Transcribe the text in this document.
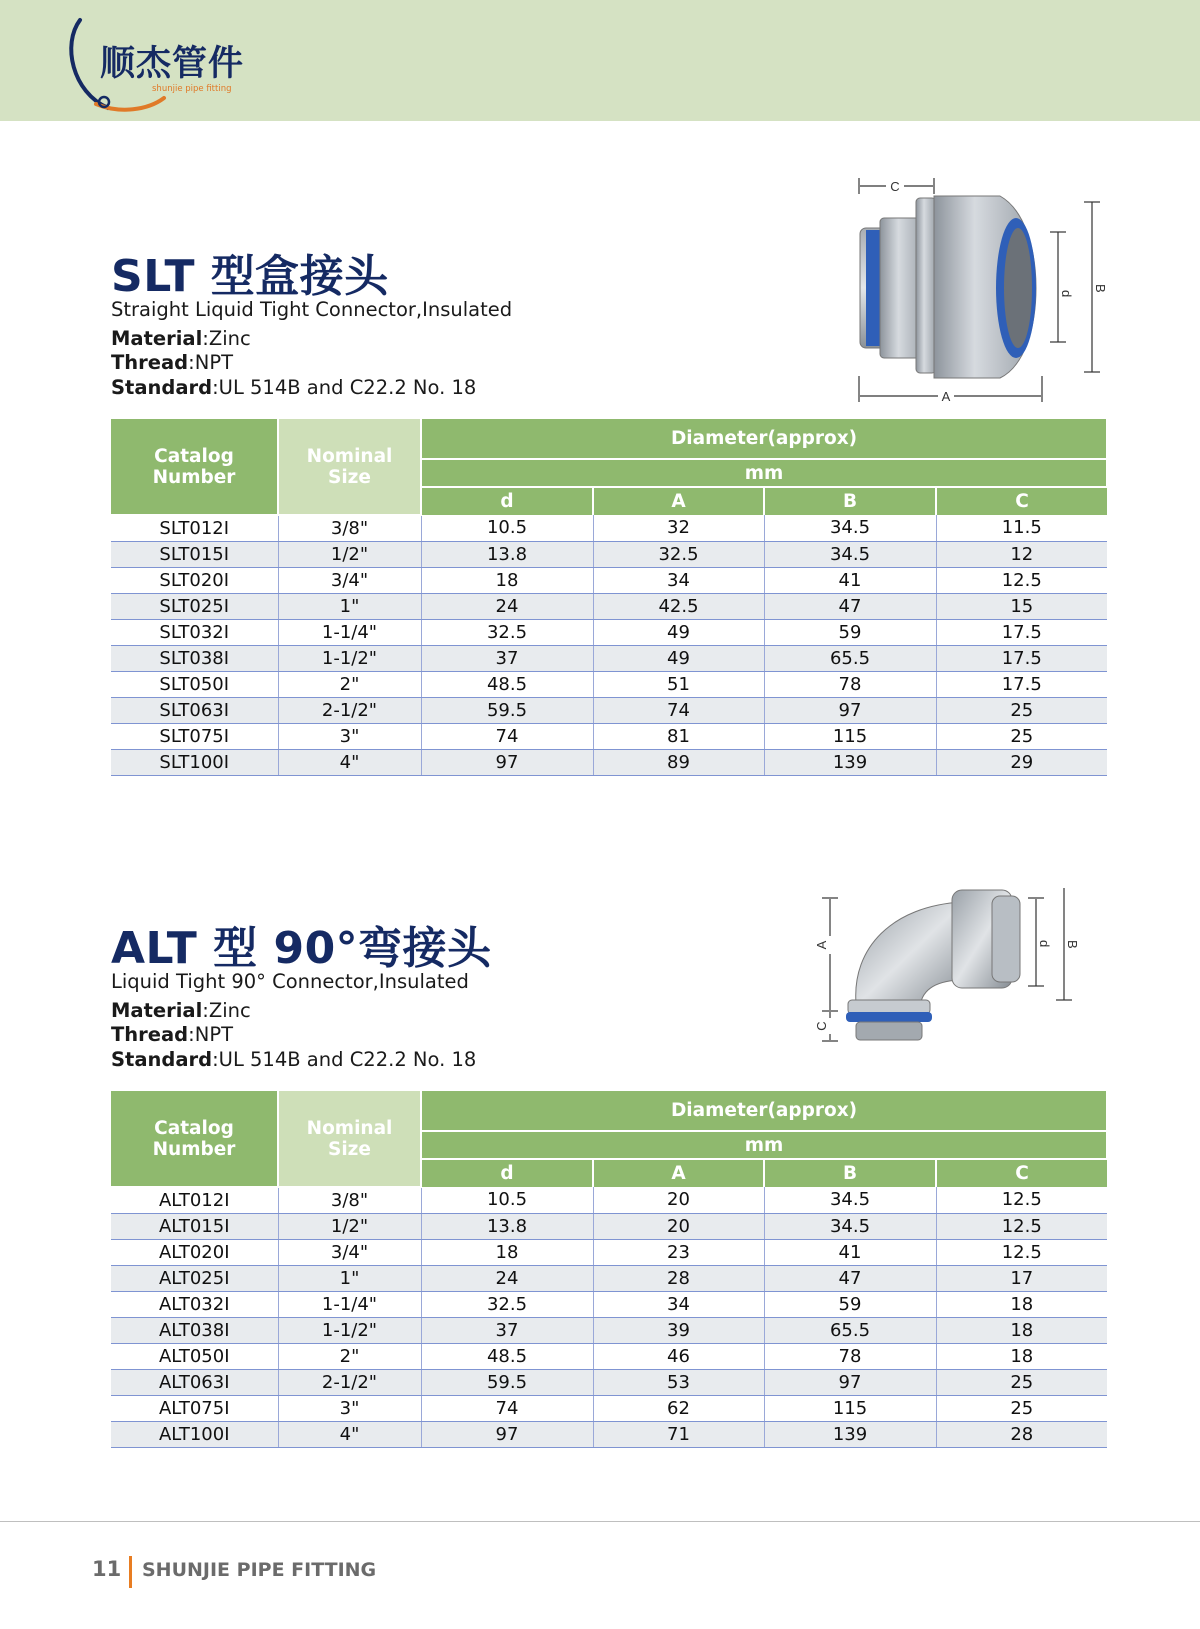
顺杰管件
shunjie pipe fitting
SLT 型盒接头
Straight Liquid Tight Connector,Insulated
Material:Zinc
Thread:NPT
Standard:UL 514B and C22.2 No. 18
C
d
B
A
Catalog
Number	Nominal
Size	Diameter(approx)			
		mm			
		d	A	B	C
SLT012I	3/8"	10.5	32	34.5	11.5
SLT015I	1/2"	13.8	32.5	34.5	12
SLT020I	3/4"	18	34	41	12.5
SLT025I	1"	24	42.5	47	15
SLT032I	1-1/4"	32.5	49	59	17.5
SLT038I	1-1/2"	37	49	65.5	17.5
SLT050I	2"	48.5	51	78	17.5
SLT063I	2-1/2"	59.5	74	97	25
SLT075I	3"	74	81	115	25
SLT100I	4"	97	89	139	29
ALT 型 90°弯接头
Liquid Tight 90° Connector,Insulated
Material:Zinc
Thread:NPT
Standard:UL 514B and C22.2 No. 18
A
C
d B
Catalog
Number	Nominal
Size	Diameter(approx)			
		mm			
		d	A	B	C
ALT012I	3/8"	10.5	20	34.5	12.5
ALT015I	1/2"	13.8	20	34.5	12.5
ALT020I	3/4"	18	23	41	12.5
ALT025I	1"	24	28	47	17
ALT032I	1-1/4"	32.5	34	59	18
ALT038I	1-1/2"	37	39	65.5	18
ALT050I	2"	48.5	46	78	18
ALT063I	2-1/2"	59.5	53	97	25
ALT075I	3"	74	62	115	25
ALT100I	4"	97	71	139	28
11 SHUNJIE PIPE FITTING
